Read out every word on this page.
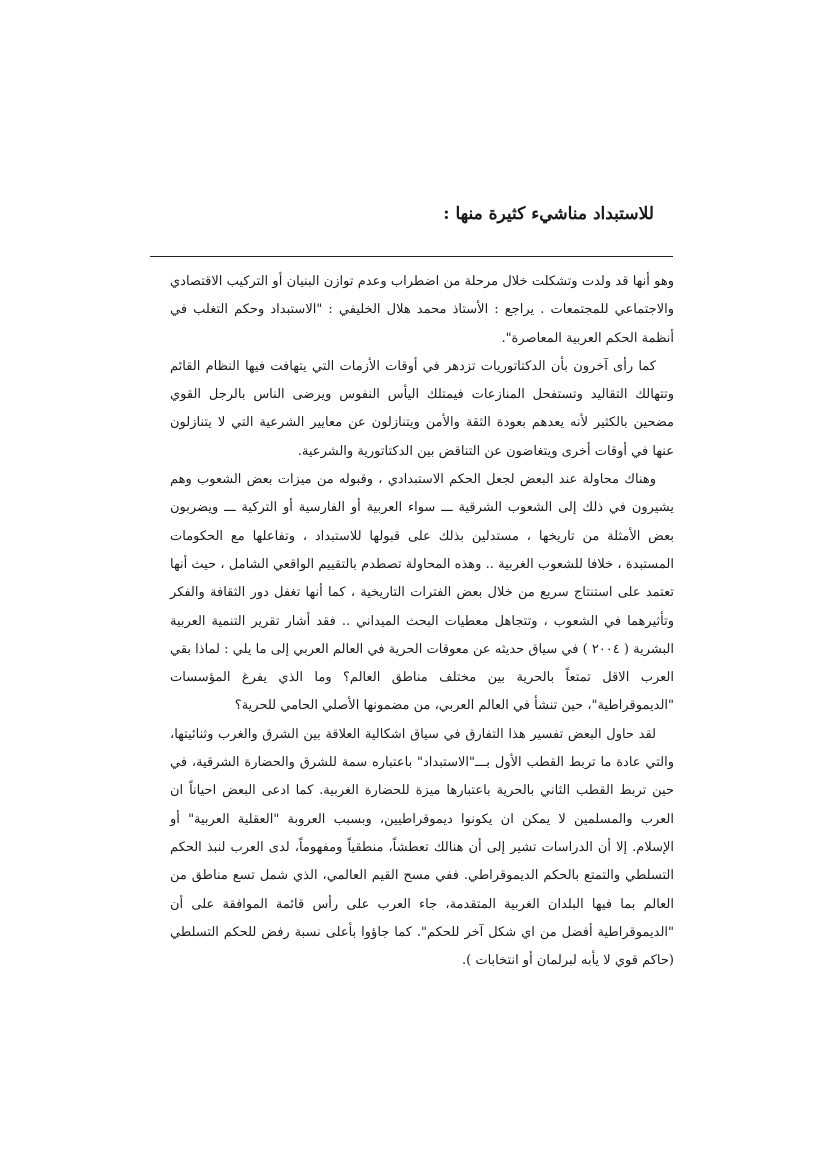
للاستبداد مناشيء كثيرة منها :

وهو أنها قد ولدت وتشكلت خلال مرحلة من اضطراب وعدم توازن البنيان أو التركيب الاقتصادي والاجتماعي للمجتمعات . يراجع : الأستاذ محمد هلال الخليفي : "الاستبداد وحكم التغلب في أنظمة الحكم العربية المعاصرة".

كما رأى آخرون بأن الدكتاتوريات تزدهر في أوقات الأزمات التي يتهافت فيها النظام القائم وتتهالك التقاليد وتستفحل المنازعات فيمتلك اليأس النفوس ويرضى الناس بالرجل القوي مضحين بالكثير لأنه يعدهم بعودة الثقة والأمن ويتنازلون عن معايير الشرعية التي لا يتنازلون عنها في أوقات أخرى ويتغاضون عن التناقض بين الدكتاتورية والشرعية.

وهناك محاولة عند البعض لجعل الحكم الاستبدادي ، وقبوله من ميزات بعض الشعوب وهم يشيرون في ذلك إلى الشعوب الشرقية ـــ سواء العربية أو الفارسية أو التركية ـــ ويضربون بعض الأمثلة من تاريخها ، مستدلين بذلك على قبولها للاستبداد ، وتفاعلها مع الحكومات المستبدة ، خلافا للشعوب الغربية .. وهذه المحاولة تصطدم بالتقييم الواقعي الشامل ، حيث أنها تعتمد على استنتاج سريع من خلال بعض الفترات التاريخية ، كما أنها تغفل دور الثقافة والفكر وتأثيرهما في الشعوب ، وتتجاهل معطيات البحث الميداني .. فقد أشار تقرير التنمية العربية البشرية ( ٢٠٠٤ ) في سياق حديثه عن معوقات الحرية في العالم العربي إلى ما يلي : لماذا بقي العرب الاقل تمتعاً بالحرية بين مختلف مناطق العالم؟ وما الذي يفرغ المؤسسات "الديموقراطية"، حين تنشأ في العالم العربي، من مضمونها الأصلي الحامي للحرية؟

لقد حاول البعض تفسير هذا التفارق في سياق اشكالية العلاقة بين الشرق والغرب وثنائيتها، والتي عادة ما تربط القطب الأول بـــ"الاستبداد" باعتباره سمة للشرق والحضارة الشرقية، في حين تربط القطب الثاني بالحرية باعتبارها ميزة للحضارة الغربية. كما ادعى البعض احياناً ان العرب والمسلمين لا يمكن ان يكونوا ديموقراطيين، وبسبب العروبة "العقلية العربية" أو الإسلام. إلا أن الدراسات تشير إلى أن هنالك تعطشاً، منطقياً ومفهوماً، لدى العرب لنبذ الحكم التسلطي والتمتع بالحكم الديموقراطي. ففي مسح القيم العالمي، الذي شمل تسع مناطق من العالم بما فيها البلدان الغربية المتقدمة، جاء العرب على رأس قائمة الموافقة على أن "الديموقراطية أفضل من اي شكل آخر للحكم". كما جاؤوا بأعلى نسبة رفض للحكم التسلطي (حاكم قوي لا يأبه لبرلمان أو انتخابات ).
